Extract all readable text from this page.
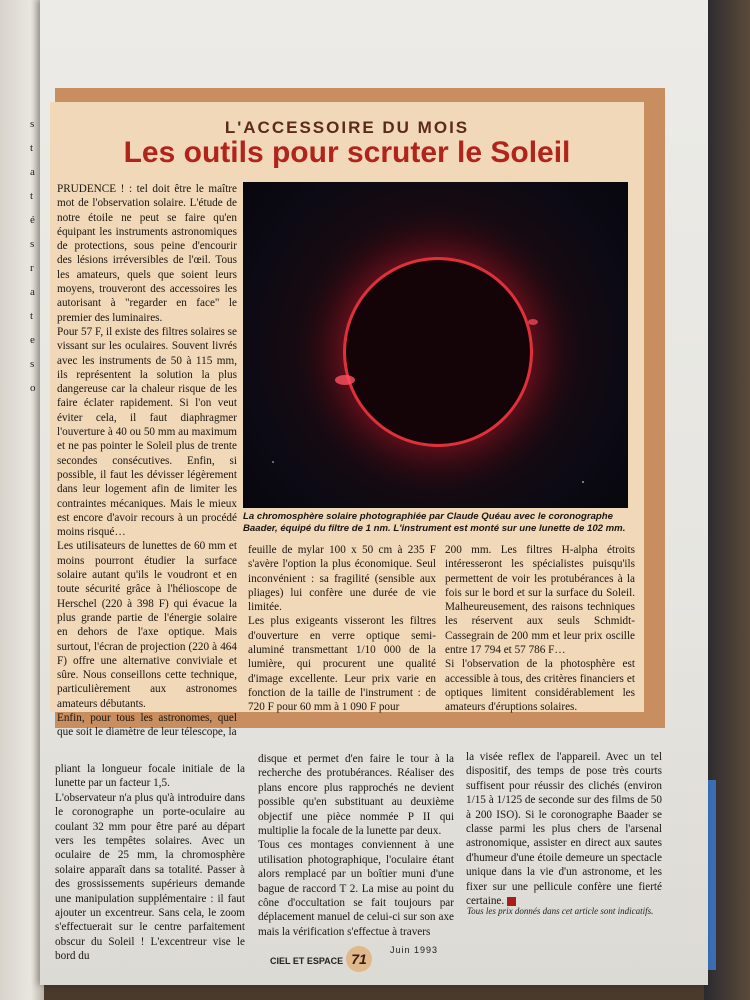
s
t
a
t
é
s
r
a
t
e
s
o
L'ACCESSOIRE DU MOIS
Les outils pour scruter le Soleil

PRUDENCE ! : tel doit être le maître mot de l'observation solaire. L'étude de notre étoile ne peut se faire qu'en équipant les instruments astronomiques de protections, sous peine d'encourir des lésions irréversibles de l'œil. Tous les amateurs, quels que soient leurs moyens, trouveront des accessoires les autorisant à "regarder en face" le premier des luminaires.

Pour 57 F, il existe des filtres solaires se vissant sur les oculaires. Souvent livrés avec les instruments de 50 à 115 mm, ils représentent la solution la plus dangereuse car la chaleur risque de les faire éclater rapidement. Si l'on veut éviter cela, il faut diaphragmer l'ouverture à 40 ou 50 mm au maximum et ne pas pointer le Soleil plus de trente secondes consécutives. Enfin, si possible, il faut les dévisser légèrement dans leur logement afin de limiter les contraintes mécaniques. Mais le mieux est encore d'avoir recours à un procédé moins risqué…

Les utilisateurs de lunettes de 60 mm et moins pourront étudier la surface solaire autant qu'ils le voudront et en toute sécurité grâce à l'hélioscope de Herschel (220 à 398 F) qui évacue la plus grande partie de l'énergie solaire en dehors de l'axe optique. Mais surtout, l'écran de projection (220 à 464 F) offre une alternative conviviale et sûre. Nous conseillons cette technique, particulièrement aux astronomes amateurs débutants.

Enfin, pour tous les astronomes, quel que soit le diamètre de leur télescope, la

La chromosphère solaire photographiée par Claude Quéau avec le coronographe Baader, équipé du filtre de 1 nm. L'instrument est monté sur une lunette de 102 mm.

feuille de mylar 100 x 50 cm à 235 F s'avère l'option la plus économique. Seul inconvénient : sa fragilité (sensible aux pliages) lui confère une durée de vie limitée.

Les plus exigeants visseront les filtres d'ouverture en verre optique semi-aluminé transmettant 1/10 000 de la lumière, qui procurent une qualité d'image excellente. Leur prix varie en fonction de la taille de l'instrument : de 720 F pour 60 mm à 1 090 F pour

200 mm. Les filtres H-alpha étroits intéresseront les spécialistes puisqu'ils permettent de voir les protubérances à la fois sur le bord et sur la surface du Soleil. Malheureusement, des raisons techniques les réservent aux seuls Schmidt-Cassegrain de 200 mm et leur prix oscille entre 17 794 et 57 786 F…

Si l'observation de la photosphère est accessible à tous, des critères financiers et optiques limitent considérablement les amateurs d'éruptions solaires.

pliant la longueur focale initiale de la lunette par un facteur 1,5.

L'observateur n'a plus qu'à introduire dans le coronographe un porte-oculaire au coulant 32 mm pour être paré au départ vers les tempêtes solaires. Avec un oculaire de 25 mm, la chromosphère solaire apparaît dans sa totalité. Passer à des grossissements supérieurs demande une manipulation supplémentaire : il faut ajouter un excentreur. Sans cela, le zoom s'effectuerait sur le centre parfaitement obscur du Soleil ! L'excentreur vise le bord du

disque et permet d'en faire le tour à la recherche des protubérances. Réaliser des plans encore plus rapprochés ne devient possible qu'en substituant au deuxième objectif une pièce nommée P II qui multiplie la focale de la lunette par deux.

Tous ces montages conviennent à une utilisation photographique, l'oculaire étant alors remplacé par un boîtier muni d'une bague de raccord T 2. La mise au point du cône d'occultation se fait toujours par déplacement manuel de celui-ci sur son axe mais la vérification s'effectue à travers

la visée reflex de l'appareil. Avec un tel dispositif, des temps de pose très courts suffisent pour réussir des clichés (environ 1/15 à 1/125 de seconde sur des films de 50 à 200 ISO). Si le coronographe Baader se classe parmi les plus chers de l'arsenal astronomique, assister en direct aux sautes d'humeur d'une étoile demeure un spectacle unique dans la vie d'un astronome, et les fixer sur une pellicule confère une fierté certaine.

Tous les prix donnés dans cet article sont indicatifs.
CIEL ET ESPACE 71
Juin 1993
